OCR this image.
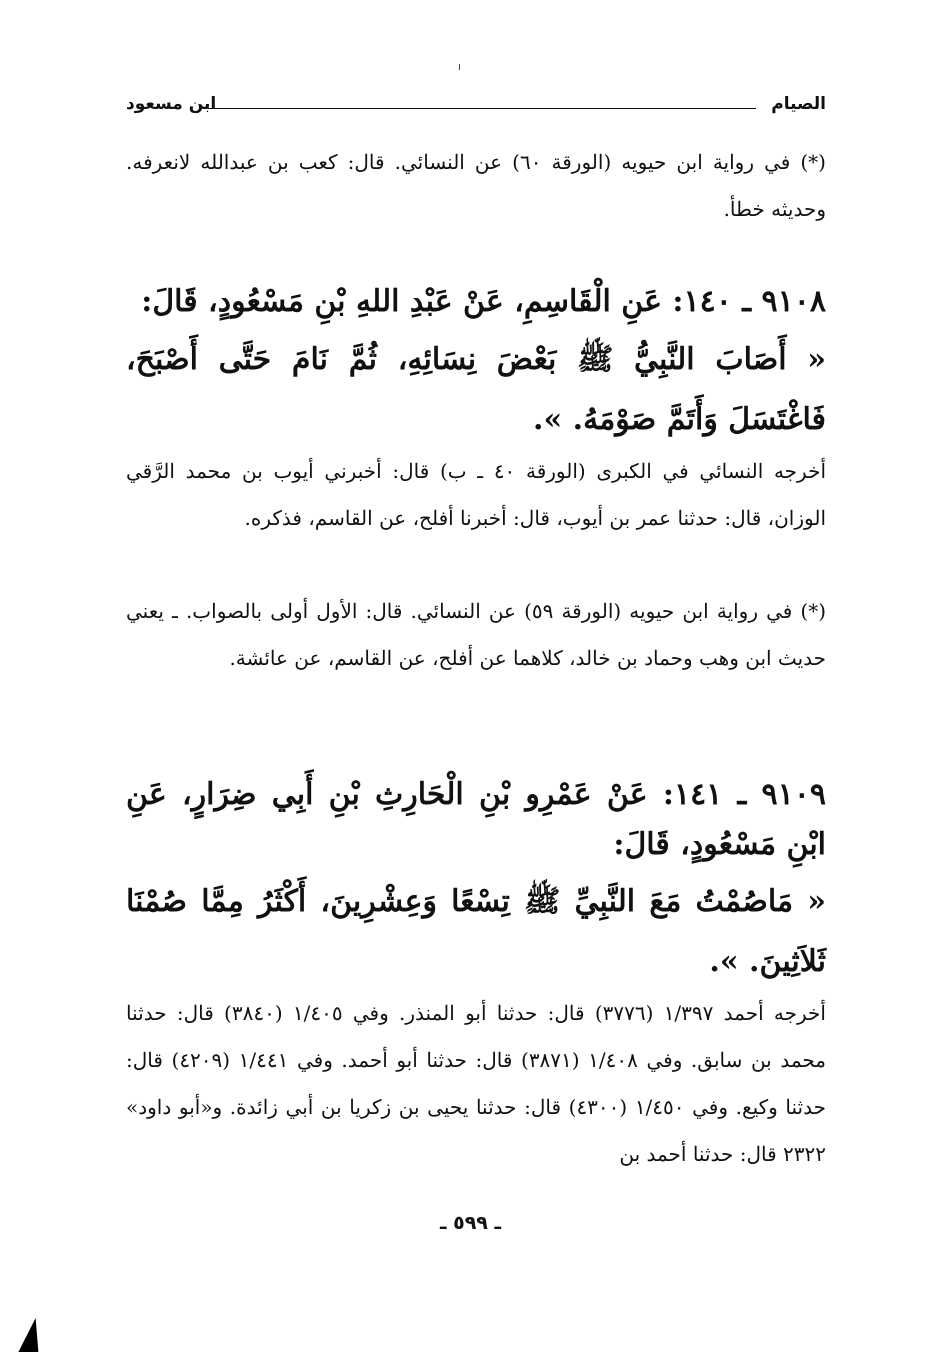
الصيام
ابن مسعود
(*) في رواية ابن حيويه (الورقة ٦٠) عن النسائي. قال: كعب بن عبدالله لانعرفه. وحديثه خطأ.
٩١٠٨ ـ ١٤٠: عَنِ الْقَاسِمِ، عَنْ عَبْدِ اللهِ بْنِ مَسْعُودٍ، قَالَ:
« أَصَابَ النَّبِيُّ ﷺ بَعْضَ نِسَائِهِ، ثُمَّ نَامَ حَتَّى أَصْبَحَ، فَاغْتَسَلَ وَأَتَمَّ صَوْمَهُ. ».
أخرجه النسائي في الكبرى (الورقة ٤٠ ـ ب) قال: أخبرني أيوب بن محمد الرَّقي الوزان، قال: حدثنا عمر بن أيوب، قال: أخبرنا أفلح، عن القاسم، فذكره.
(*) في رواية ابن حيويه (الورقة ٥٩) عن النسائي. قال: الأول أولى بالصواب. ـ يعني حديث ابن وهب وحماد بن خالد، كلاهما عن أفلح، عن القاسم، عن عائشة.
٩١٠٩ ـ ١٤١: عَنْ عَمْرِو بْنِ الْحَارِثِ بْنِ أَبِي ضِرَارٍ، عَنِ ابْنِ مَسْعُودٍ، قَالَ:
« مَاصُمْتُ مَعَ النَّبِيِّ ﷺ تِسْعًا وَعِشْرِينَ، أَكْثَرُ مِمَّا صُمْنَا ثَلاَثِينَ. ».
أخرجه أحمد ١/٣٩٧ (٣٧٧٦) قال: حدثنا أبو المنذر. وفي ١/٤٠٥ (٣٨٤٠) قال: حدثنا محمد بن سابق. وفي ١/٤٠٨ (٣٨٧١) قال: حدثنا أبو أحمد. وفي ١/٤٤١ (٤٢٠٩) قال: حدثنا وكيع. وفي ١/٤٥٠ (٤٣٠٠) قال: حدثنا يحيى بن زكريا بن أبي زائدة. و«أبو داود» ٢٣٢٢ قال: حدثنا أحمد بن
ـ ٥٩٩ ـ
